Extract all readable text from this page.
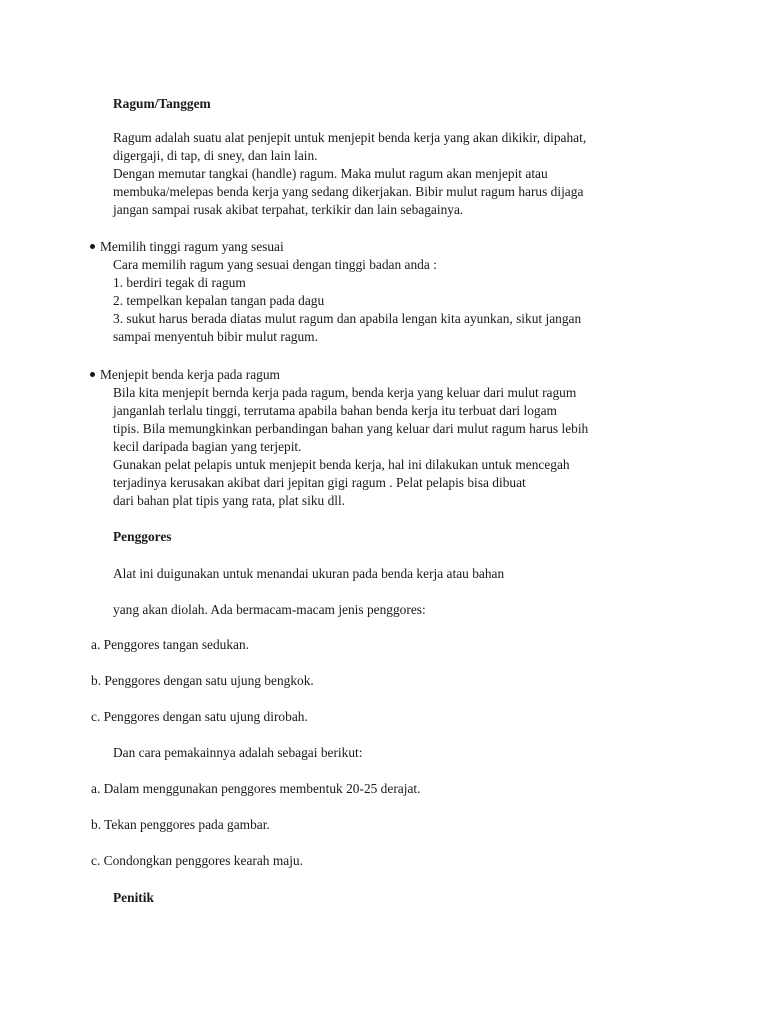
Ragum/Tanggem
Ragum adalah suatu alat penjepit untuk menjepit benda kerja yang akan dikikir, dipahat,
digergaji, di tap, di sney, dan lain lain.
Dengan memutar tangkai (handle) ragum. Maka mulut ragum akan menjepit atau
membuka/melepas benda kerja yang sedang dikerjakan. Bibir mulut ragum harus dijaga
jangan sampai rusak akibat terpahat, terkikir dan lain sebagainya.
Memilih tinggi ragum yang sesuai
Cara memilih ragum yang sesuai dengan tinggi badan anda :
1. berdiri tegak di ragum
2. tempelkan kepalan tangan pada dagu
3. sukut harus berada diatas mulut ragum dan apabila lengan kita ayunkan, sikut jangan
sampai menyentuh bibir mulut ragum.
Menjepit benda kerja pada ragum
Bila kita menjepit bernda kerja pada ragum, benda kerja yang keluar dari mulut ragum
janganlah terlalu tinggi, terrutama apabila bahan benda kerja itu terbuat dari logam
tipis. Bila memungkinkan perbandingan bahan yang keluar dari mulut ragum harus lebih
kecil daripada bagian yang terjepit.
Gunakan pelat pelapis untuk menjepit benda kerja, hal ini dilakukan untuk mencegah
terjadinya kerusakan akibat dari jepitan gigi ragum . Pelat pelapis bisa dibuat
dari bahan plat tipis yang rata, plat siku dll.
Penggores
Alat ini duigunakan untuk menandai ukuran pada benda kerja atau bahan
yang akan diolah. Ada bermacam-macam jenis penggores:
a. Penggores tangan sedukan.
b. Penggores dengan satu ujung bengkok.
c. Penggores dengan satu ujung dirobah.
Dan cara pemakainnya adalah sebagai berikut:
a. Dalam menggunakan penggores membentuk 20-25 derajat.
b. Tekan penggores pada gambar.
c. Condongkan penggores kearah maju.
Penitik
